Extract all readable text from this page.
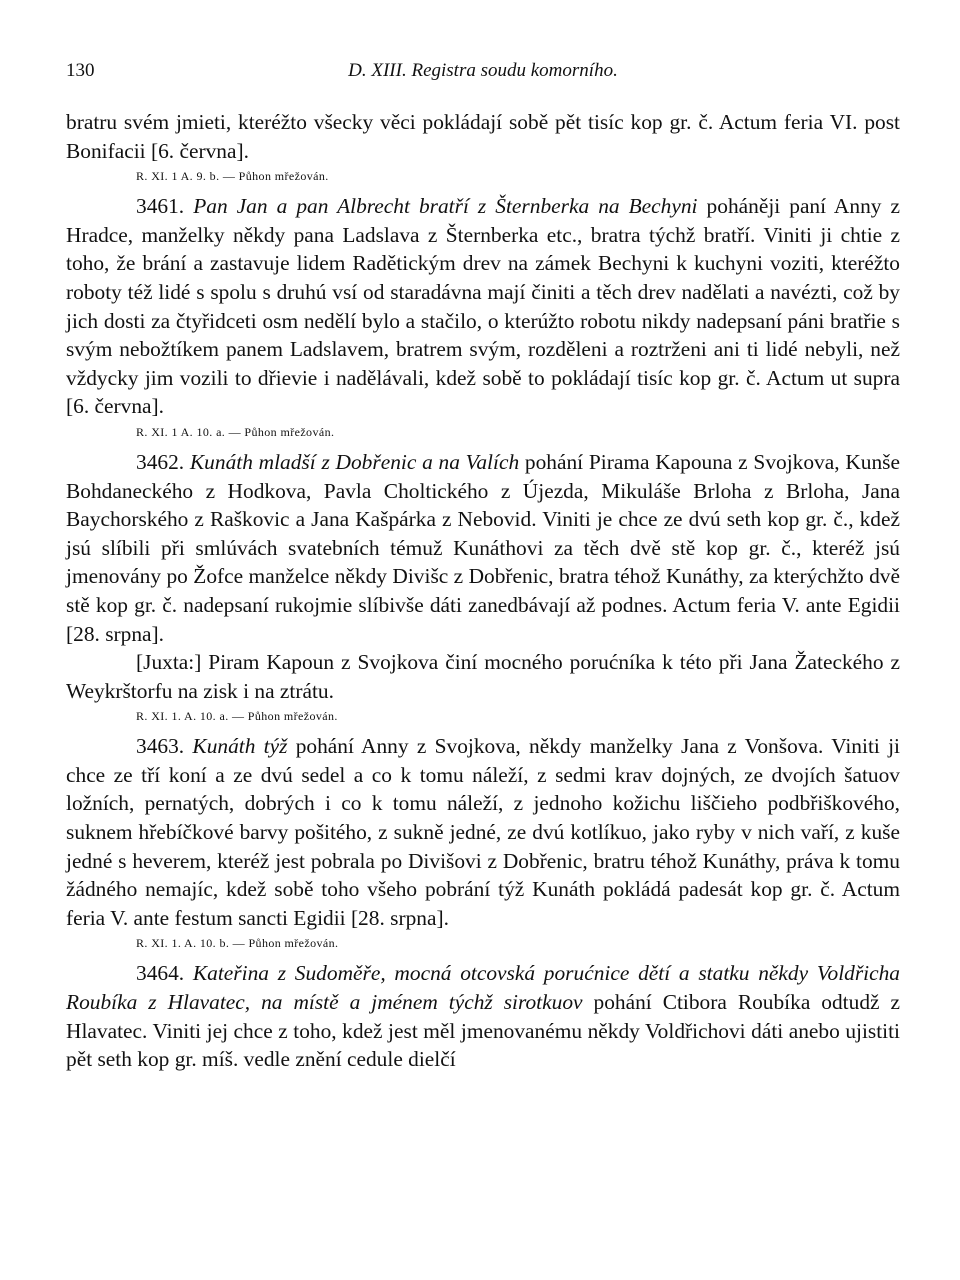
130	D. XIII. Registra soudu komorního.

bratru svém jmieti, kteréžto všecky věci pokládají sobě pět tisíc kop gr. č. Actum feria VI. post Bonifacii [6. června].

R. XI. 1 A. 9. b. — Půhon mřežován.

3461. Pan Jan a pan Albrecht bratří z Šternberka na Bechyni poháněji paní Anny z Hradce, manželky někdy pana Ladslava z Šternberka etc., bratra týchž bratří. Viniti ji chtie z toho, že brání a zastavuje lidem Radětickým drev na zámek Bechyni k kuchyni voziti, kteréžto roboty též lidé s spolu s druhú vsí od staradávna mají činiti a těch drev nadělati a navézti, což by jich dosti za čtyřidceti osm nedělí bylo a stačilo, o kterúžto robotu nikdy nadepsaní páni bratřie s svým nebožtíkem panem Ladslavem, bratrem svým, rozděleni a roztrženi ani ti lidé nebyli, než vždycky jim vozili to dřievie i nadělávali, kdež sobě to pokládají tisíc kop gr. č. Actum ut supra [6. června].

R. XI. 1 A. 10. a. — Půhon mřežován.

3462. Kunáth mladší z Dobřenic a na Valích pohání Pirama Kapouna z Svojkova, Kunše Bohdaneckého z Hodkova, Pavla Choltického z Újezda, Mikuláše Brloha z Brloha, Jana Baychorského z Raškovic a Jana Kašpárka z Nebovid. Viniti je chce ze dvú seth kop gr. č., kdež jsú slíbili při smlúvách svatebních témuž Kunáthovi za těch dvě stě kop gr. č., kteréž jsú jmenovány po Žofce manželce někdy Divišc z Dobřenic, bratra téhož Kunáthy, za kterýchžto dvě stě kop gr. č. nadepsaní rukojmie slíbivše dáti zanedbávají až podnes. Actum feria V. ante Egidii [28. srpna].

[Juxta:] Piram Kapoun z Svojkova činí mocného porućníka k této při Jana Žateckého z Weykrštorfu na zisk i na ztrátu.

R. XI. 1. A. 10. a. — Půhon mřežován.

3463. Kunáth týž pohání Anny z Svojkova, někdy manželky Jana z Vonšova. Viniti ji chce ze tří koní a ze dvú sedel a co k tomu náleží, z sedmi krav dojných, ze dvojích šatuov ložních, pernatých, dobrých i co k tomu náleží, z jednoho kožichu liščieho podbřiškového, suknem hřebíčkové barvy pošitého, z sukně jedné, ze dvú kotlíkuo, jako ryby v nich vaří, z kuše jedné s heverem, kteréž jest pobrala po Divišovi z Dobřenic, bratru téhož Kunáthy, práva k tomu žádného nemajíc, kdež sobě toho všeho pobrání týž Kunáth pokládá padesát kop gr. č. Actum feria V. ante festum sancti Egidii [28. srpna].

R. XI. 1. A. 10. b. — Půhon mřežován.

3464. Kateřina z Sudoměře, mocná otcovská porućnice dětí a statku někdy Voldřicha Roubíka z Hlavatec, na místě a jménem týchž sirotkuov pohání Ctibora Roubíka odtudž z Hlavatec. Viniti jej chce z toho, kdež jest měl jmenovanému někdy Voldřichovi dáti anebo ujistiti pět seth kop gr. míš. vedle znění cedule dielčí
